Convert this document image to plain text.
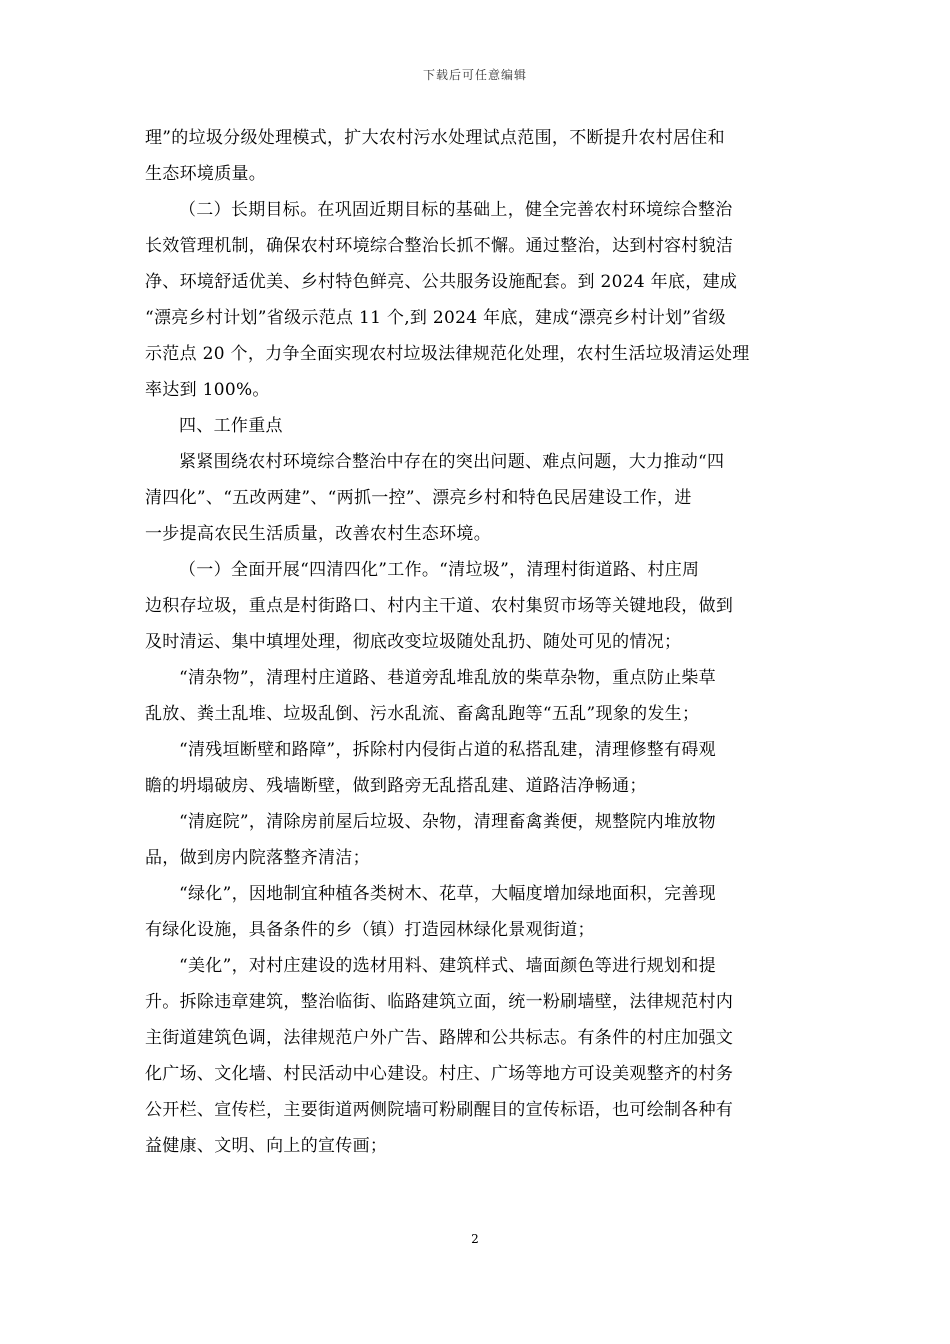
下载后可任意编辑

理”的垃圾分级处理模式，扩大农村污水处理试点范围，不断提升农村居住和
生态环境质量。

（二）长期目标。在巩固近期目标的基础上，健全完善农村环境综合整治
长效管理机制，确保农村环境综合整治长抓不懈。通过整治，达到村容村貌洁
净、环境舒适优美、乡村特色鲜亮、公共服务设施配套。到 2024 年底，建成
“漂亮乡村计划”省级示范点 11 个,到 2024 年底，建成“漂亮乡村计划”省级
示范点 20 个，力争全面实现农村垃圾法律规范化处理，农村生活垃圾清运处理
率达到 100%。

四、工作重点

紧紧围绕农村环境综合整治中存在的突出问题、难点问题，大力推动“四
清四化”、“五改两建”、“两抓一控”、漂亮乡村和特色民居建设工作，进
一步提高农民生活质量，改善农村生态环境。

（一）全面开展“四清四化”工作。“清垃圾”，清理村街道路、村庄周
边积存垃圾，重点是村街路口、村内主干道、农村集贸市场等关键地段，做到
及时清运、集中填埋处理，彻底改变垃圾随处乱扔、随处可见的情况；

“清杂物”，清理村庄道路、巷道旁乱堆乱放的柴草杂物，重点防止柴草
乱放、粪土乱堆、垃圾乱倒、污水乱流、畜禽乱跑等“五乱”现象的发生；

“清残垣断壁和路障”，拆除村内侵街占道的私搭乱建，清理修整有碍观
瞻的坍塌破房、残墙断壁，做到路旁无乱搭乱建、道路洁净畅通；

“清庭院”，清除房前屋后垃圾、杂物，清理畜禽粪便，规整院内堆放物
品，做到房内院落整齐清洁；

“绿化”，因地制宜种植各类树木、花草，大幅度增加绿地面积，完善现
有绿化设施，具备条件的乡（镇）打造园林绿化景观街道；

“美化”，对村庄建设的选材用料、建筑样式、墙面颜色等进行规划和提
升。拆除违章建筑，整治临街、临路建筑立面，统一粉刷墙壁，法律规范村内
主街道建筑色调，法律规范户外广告、路牌和公共标志。有条件的村庄加强文
化广场、文化墙、村民活动中心建设。村庄、广场等地方可设美观整齐的村务
公开栏、宣传栏，主要街道两侧院墙可粉刷醒目的宣传标语，也可绘制各种有
益健康、文明、向上的宣传画；

2
